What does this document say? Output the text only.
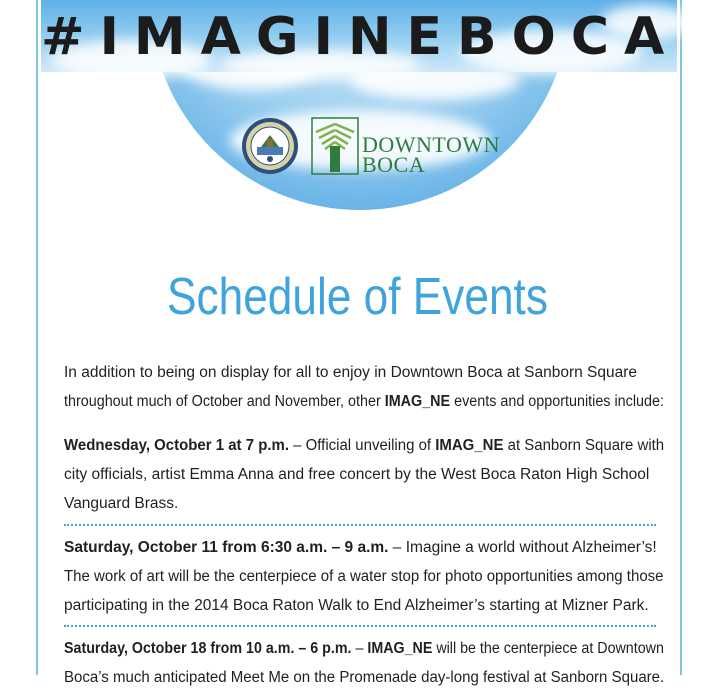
#IMAGINEBOCA
DOWNTOWN
BOCA
Schedule of Events
In addition to being on display for all to enjoy in Downtown Boca at Sanborn Square
throughout much of October and November, other IMAG_NE events and opportunities include:
Wednesday, October 1 at 7 p.m. – Official unveiling of IMAG_NE at Sanborn Square with
city officials, artist Emma Anna and free concert by the West Boca Raton High School
Vanguard Brass.
Saturday, October 11 from 6:30 a.m. – 9 a.m. – Imagine a world without Alzheimer’s!
The work of art will be the centerpiece of a water stop for photo opportunities among those
participating in the 2014 Boca Raton Walk to End Alzheimer’s starting at Mizner Park.
Saturday, October 18 from 10 a.m. – 6 p.m. – IMAG_NE will be the centerpiece at Downtown
Boca’s much anticipated Meet Me on the Promenade day-long festival at Sanborn Square.
